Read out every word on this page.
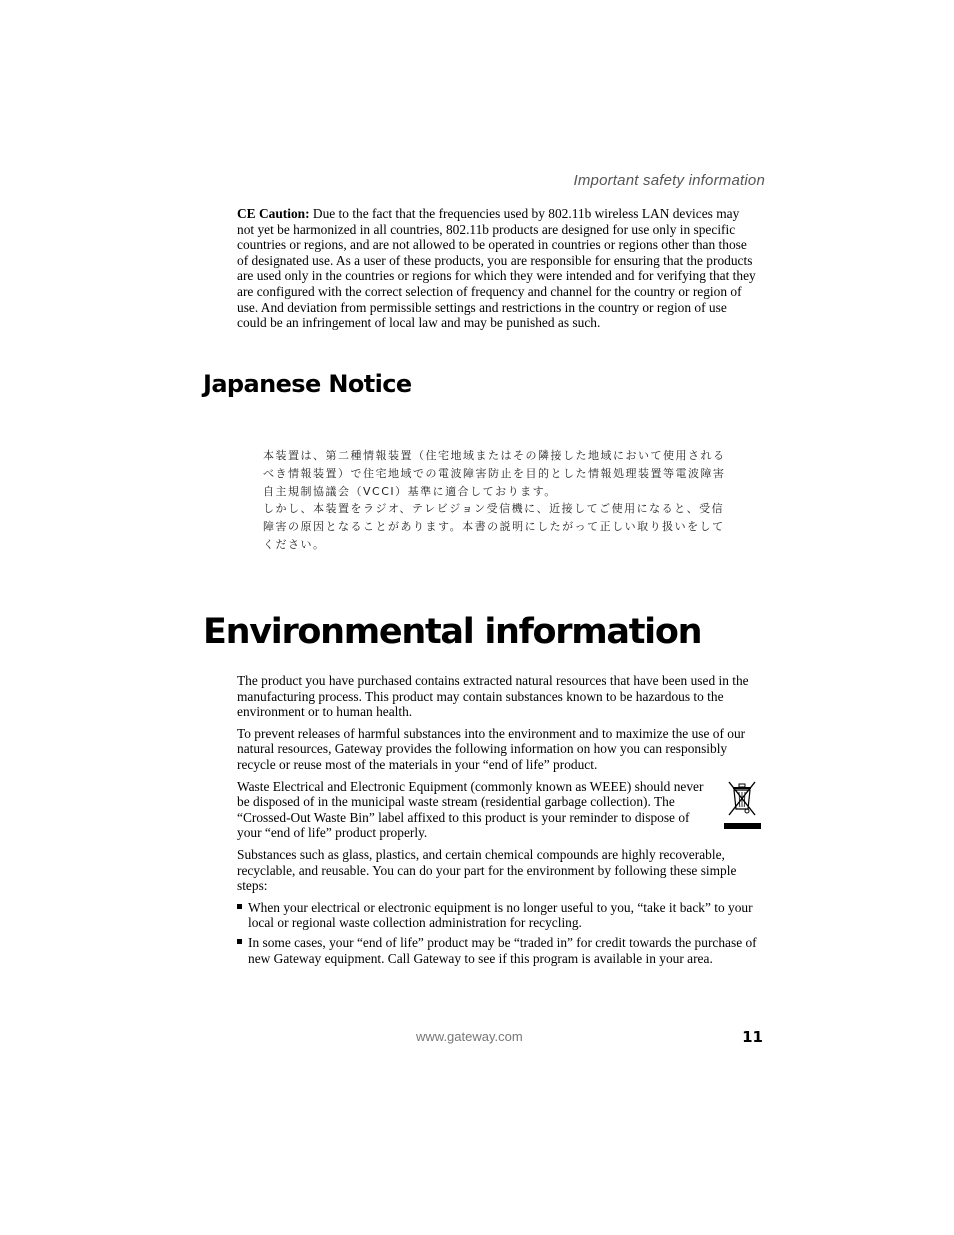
Important safety information

CE Caution: Due to the fact that the frequencies used by 802.11b wireless LAN devices may not yet be harmonized in all countries, 802.11b products are designed for use only in specific countries or regions, and are not allowed to be operated in countries or regions other than those of designated use. As a user of these products, you are responsible for ensuring that the products are used only in the countries or regions for which they were intended and for verifying that they are configured with the correct selection of frequency and channel for the country or region of use. And deviation from permissible settings and restrictions in the country or region of use could be an infringement of local law and may be punished as such.

Japanese Notice

本装置は、第二種情報装置（住宅地域またはその隣接した地域において使用される
べき情報装置）で住宅地域での電波障害防止を目的とした情報処理装置等電波障害
自主規制協議会（VCCI）基準に適合しております。
しかし、本装置をラジオ、テレビジョン受信機に、近接してご使用になると、受信
障害の原因となることがあります。本書の説明にしたがって正しい取り扱いをして
ください。

Environmental information

The product you have purchased contains extracted natural resources that have been used in the manufacturing process. This product may contain substances known to be hazardous to the environment or to human health.

To prevent releases of harmful substances into the environment and to maximize the use of our natural resources, Gateway provides the following information on how you can responsibly recycle or reuse most of the materials in your “end of life” product.

Waste Electrical and Electronic Equipment (commonly known as WEEE) should never be disposed of in the municipal waste stream (residential garbage collection). The “Crossed-Out Waste Bin” label affixed to this product is your reminder to dispose of your “end of life” product properly.

Substances such as glass, plastics, and certain chemical compounds are highly recoverable, recyclable, and reusable. You can do your part for the environment by following these simple steps:

When your electrical or electronic equipment is no longer useful to you, “take it back” to your local or regional waste collection administration for recycling.
In some cases, your “end of life” product may be “traded in” for credit towards the purchase of new Gateway equipment. Call Gateway to see if this program is available in your area.
www.gateway.com	11
